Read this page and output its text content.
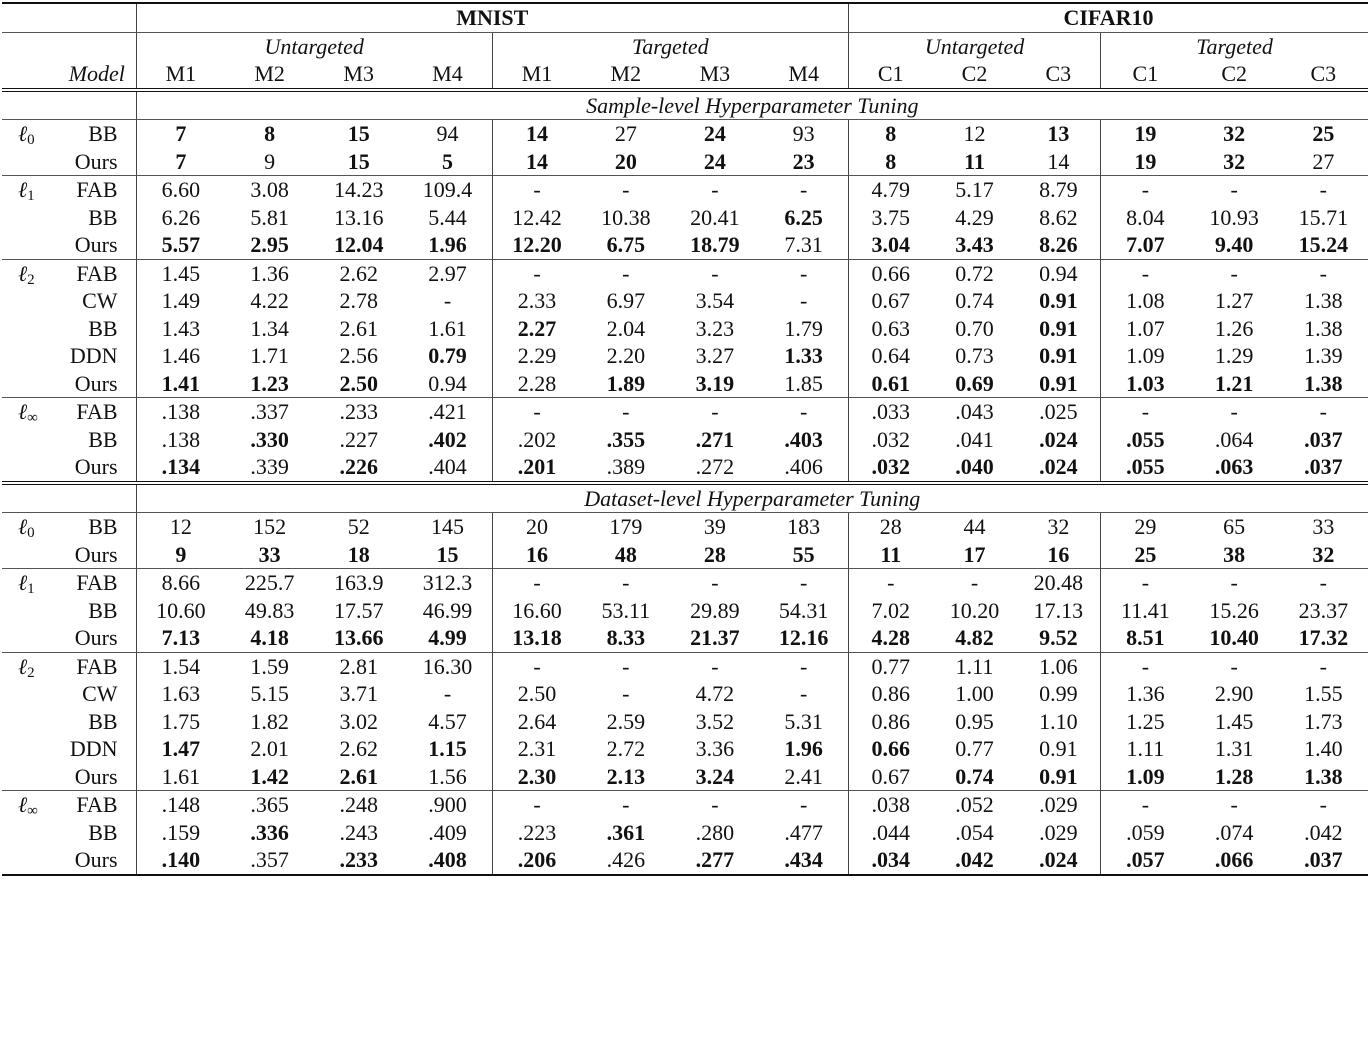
		MNIST								CIFAR10					
		Untargeted				Targeted				Untargeted			Targeted		
	Model	M1	M2	M3	M4	M1	M2	M3	M4	C1	C2	C3	C1	C2	C3
		Sample-level Hyperparameter Tuning													
ℓ$_0$	BB	7	8	15	94	14	27	24	93	8	12	13	19	32	25
	Ours	7	9	15	5	14	20	24	23	8	11	14	19	32	27
ℓ$_1$	FAB	6.60	3.08	14.23	109.4	-	-	-	-	4.79	5.17	8.79	-	-	-
	BB	6.26	5.81	13.16	5.44	12.42	10.38	20.41	6.25	3.75	4.29	8.62	8.04	10.93	15.71
	Ours	5.57	2.95	12.04	1.96	12.20	6.75	18.79	7.31	3.04	3.43	8.26	7.07	9.40	15.24
ℓ$_2$	FAB	1.45	1.36	2.62	2.97	-	-	-	-	0.66	0.72	0.94	-	-	-
	CW	1.49	4.22	2.78	-	2.33	6.97	3.54	-	0.67	0.74	0.91	1.08	1.27	1.38
	BB	1.43	1.34	2.61	1.61	2.27	2.04	3.23	1.79	0.63	0.70	0.91	1.07	1.26	1.38
	DDN	1.46	1.71	2.56	0.79	2.29	2.20	3.27	1.33	0.64	0.73	0.91	1.09	1.29	1.39
	Ours	1.41	1.23	2.50	0.94	2.28	1.89	3.19	1.85	0.61	0.69	0.91	1.03	1.21	1.38
ℓ$_\infty$	FAB	.138	.337	.233	.421	-	-	-	-	.033	.043	.025	-	-	-
	BB	.138	.330	.227	.402	.202	.355	.271	.403	.032	.041	.024	.055	.064	.037
	Ours	.134	.339	.226	.404	.201	.389	.272	.406	.032	.040	.024	.055	.063	.037
		Dataset-level Hyperparameter Tuning													
ℓ$_0$	BB	12	152	52	145	20	179	39	183	28	44	32	29	65	33
	Ours	9	33	18	15	16	48	28	55	11	17	16	25	38	32
ℓ$_1$	FAB	8.66	225.7	163.9	312.3	-	-	-	-	-	-	20.48	-	-	-
	BB	10.60	49.83	17.57	46.99	16.60	53.11	29.89	54.31	7.02	10.20	17.13	11.41	15.26	23.37
	Ours	7.13	4.18	13.66	4.99	13.18	8.33	21.37	12.16	4.28	4.82	9.52	8.51	10.40	17.32
ℓ$_2$	FAB	1.54	1.59	2.81	16.30	-	-	-	-	0.77	1.11	1.06	-	-	-
	CW	1.63	5.15	3.71	-	2.50	-	4.72	-	0.86	1.00	0.99	1.36	2.90	1.55
	BB	1.75	1.82	3.02	4.57	2.64	2.59	3.52	5.31	0.86	0.95	1.10	1.25	1.45	1.73
	DDN	1.47	2.01	2.62	1.15	2.31	2.72	3.36	1.96	0.66	0.77	0.91	1.11	1.31	1.40
	Ours	1.61	1.42	2.61	1.56	2.30	2.13	3.24	2.41	0.67	0.74	0.91	1.09	1.28	1.38
ℓ$_\infty$	FAB	.148	.365	.248	.900	-	-	-	-	.038	.052	.029	-	-	-
	BB	.159	.336	.243	.409	.223	.361	.280	.477	.044	.054	.029	.059	.074	.042
	Ours	.140	.357	.233	.408	.206	.426	.277	.434	.034	.042	.024	.057	.066	.037
